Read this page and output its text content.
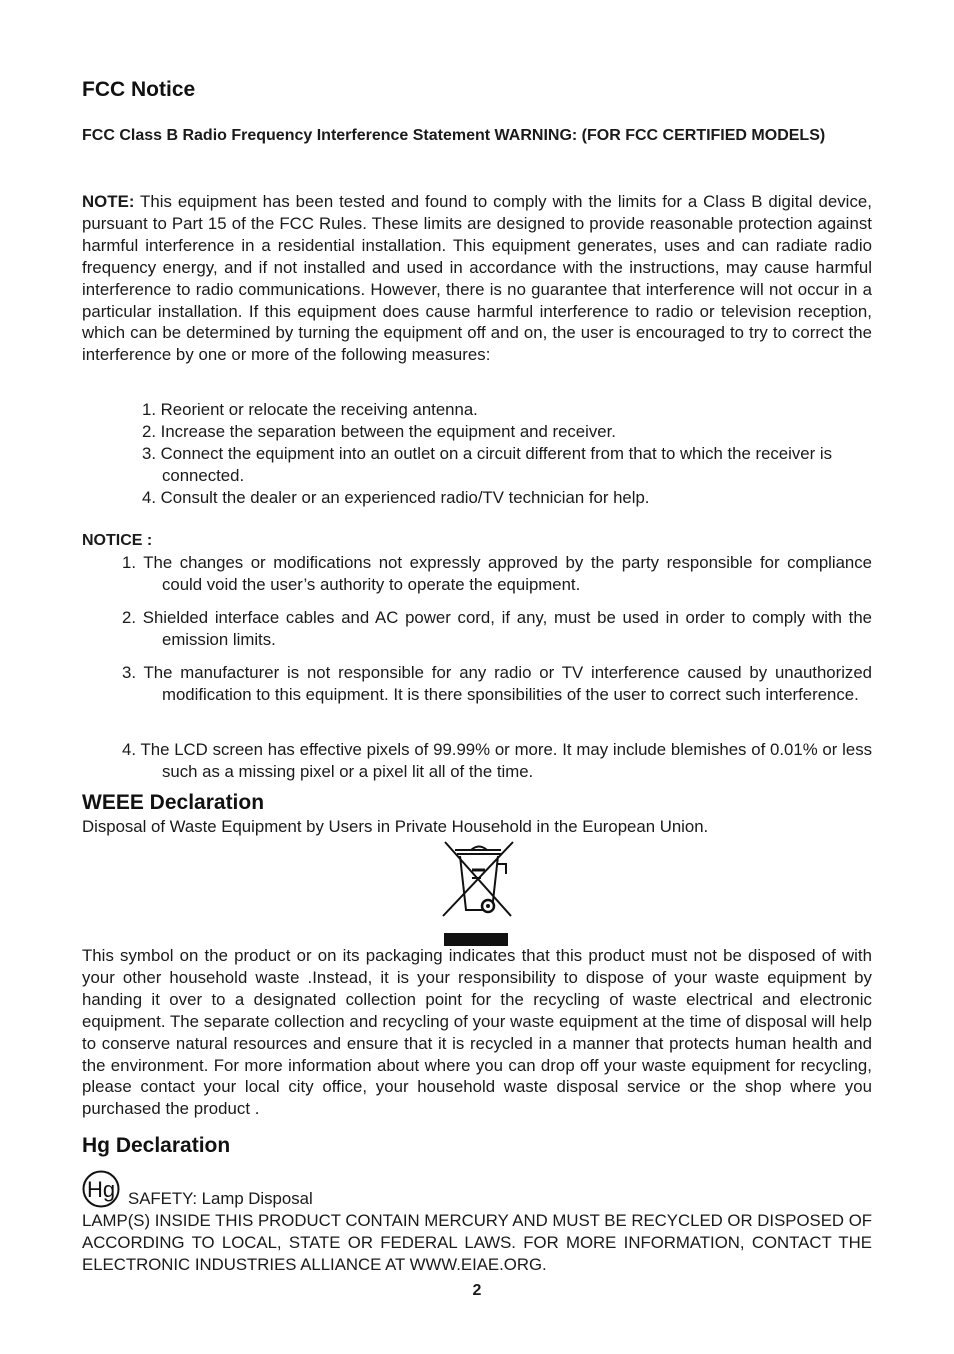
FCC Notice

FCC Class B Radio Frequency Interference Statement WARNING: (FOR FCC CERTIFIED MODELS)

NOTE: This equipment has been tested and found to comply with the limits for a Class B digital device, pursuant to Part 15 of the FCC Rules. These limits are designed to provide reasonable protection against harmful interference in a residential installation. This equipment generates, uses and can radiate radio frequency energy, and if not installed and used in accordance with the instructions, may cause harmful interference to radio communications. However, there is no guarantee that interference will not occur in a particular installation. If this equipment does cause harmful interference to radio or television reception, which can be determined by turning the equipment off and on, the user is encouraged to try to correct the interference by one or more of the following measures:

1. Reorient or relocate the receiving antenna.
2. Increase the separation between the equipment and receiver.
3. Connect the equipment into an outlet on a circuit different from that to which the receiver is connected.
4. Consult the dealer or an experienced radio/TV technician for help.

NOTICE :

1. The changes or modifications not expressly approved by the party responsible for compliance could void the user’s authority to operate the equipment.

2. Shielded interface cables and AC power cord, if any, must be used in order to comply with the emission limits.

3. The manufacturer is not responsible for any radio or TV interference caused by unauthorized modification to this equipment. It is there sponsibilities of the user to correct such interference.

4. The LCD screen has effective pixels of 99.99% or more. It may include blemishes of 0.01% or less such as a missing pixel or a pixel lit all of the time.

WEEE Declaration

Disposal of Waste Equipment by Users in Private Household in the European Union.

This symbol on the product or on its packaging indicates that this product must not be disposed of with your other household waste .Instead, it is your responsibility to dispose of your waste equipment by handing it over to a designated collection point for the recycling of waste electrical and electronic equipment. The separate collection and recycling of your waste equipment at the time of disposal will help to conserve natural resources and ensure that it is recycled in a manner that protects human health and the environment. For more information about where you can drop off your waste equipment for recycling, please contact your local city office, your household waste disposal service or the shop where you purchased the product .

Hg Declaration
Hg SAFETY: Lamp Disposal

LAMP(S) INSIDE THIS PRODUCT CONTAIN MERCURY AND MUST BE RECYCLED OR DISPOSED OF ACCORDING TO LOCAL, STATE OR FEDERAL LAWS. FOR MORE INFORMATION, CONTACT THE ELECTRONIC INDUSTRIES ALLIANCE AT WWW.EIAE.ORG.

2
